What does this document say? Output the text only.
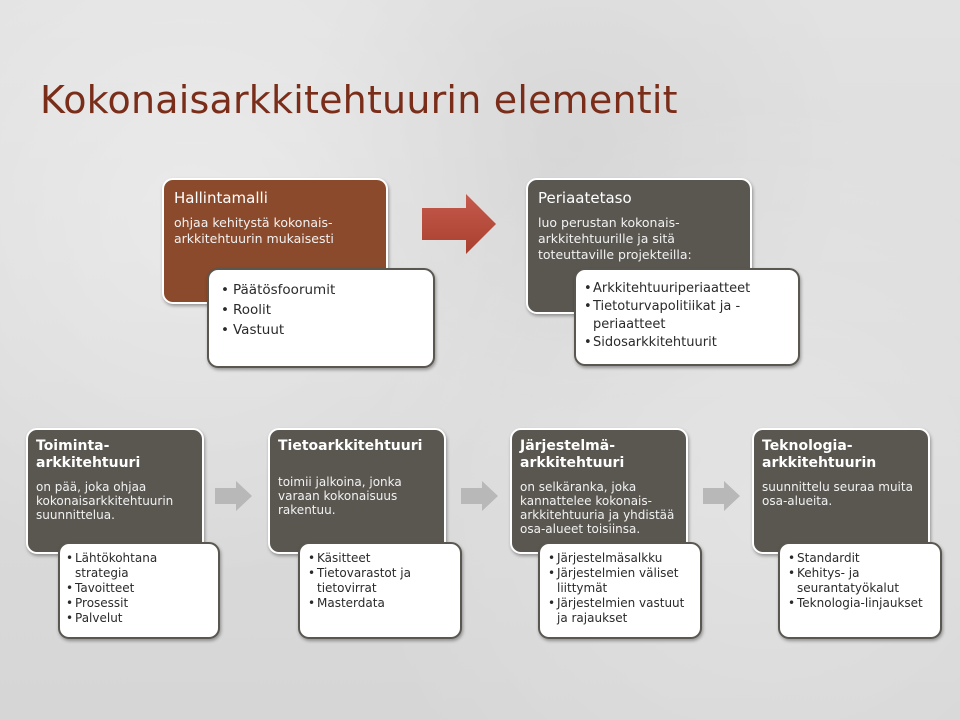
Kokonaisarkkitehtuurin elementit
Hallintamalli
ohjaa kehitystä kokonais-arkkitehtuurin mukaisesti
• Päätösfoorumit
• Roolit
• Vastuut
Periaatetaso
luo perustan kokonais-arkkitehtuurille ja sitä toteuttaville projekteilla:
• Arkkitehtuuriperiaatteet
• Tietoturvapolitiikat ja -periaatteet
• Sidosarkkitehtuurit
Toiminta-arkkitehtuuri
on pää, joka ohjaa kokonaisarkkitehtuurin suunnittelua.
• Lähtökohtana strategia
• Tavoitteet
• Prosessit
• Palvelut
Tietoarkkitehtuuri
toimii jalkoina, jonka varaan kokonaisuus rakentuu.
• Käsitteet
• Tietovarastot ja tietovirrat
• Masterdata
Järjestelmä-arkkitehtuuri
on selkäranka, joka kannattelee kokonais-arkkitehtuuria ja yhdistää osa-alueet toisiinsa.
• Järjestelmäsalkku
• Järjestelmien väliset liittymät
• Järjestelmien vastuut ja rajaukset
Teknologia-arkkitehtuurin
suunnittelu seuraa muita osa-alueita.
• Standardit
• Kehitys- ja seurantatyökalut
• Teknologia-linjaukset
